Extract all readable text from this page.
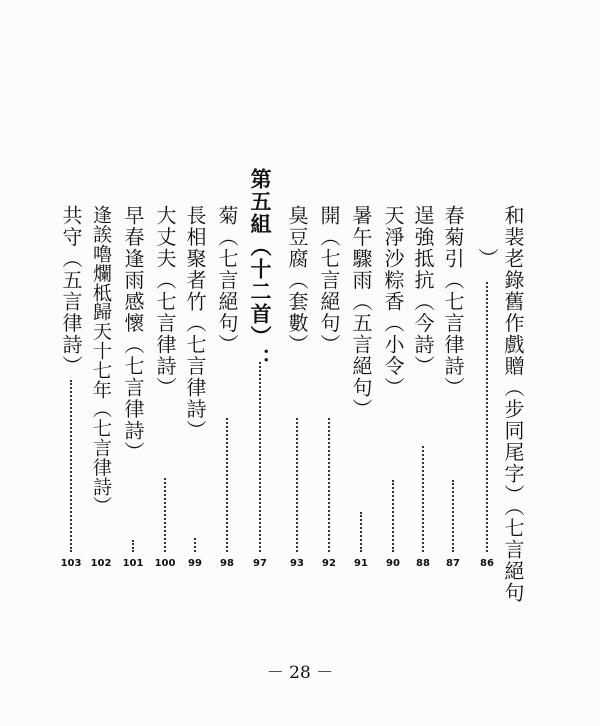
和裴老錄舊作戲贈（步同尾字）（七言絕句
）
86
春菊引（七言律詩）
87
逞強抵抗（今詩）
88
天淨沙粽香（小令）
90
暑午驟雨（五言絕句）
91
開（七言絕句）
92
臭豆腐（套數）
93
第五組（十二首）：
97
菊（七言絕句）
98
長相聚者竹（七言律詩）
99
大丈夫（七言律詩）
100
早春逢雨感懷（七言律詩）
101
逢誒嚕爛柢歸天十七年（七言律詩）
102
共守（五言律詩）
103
－ 28 －
